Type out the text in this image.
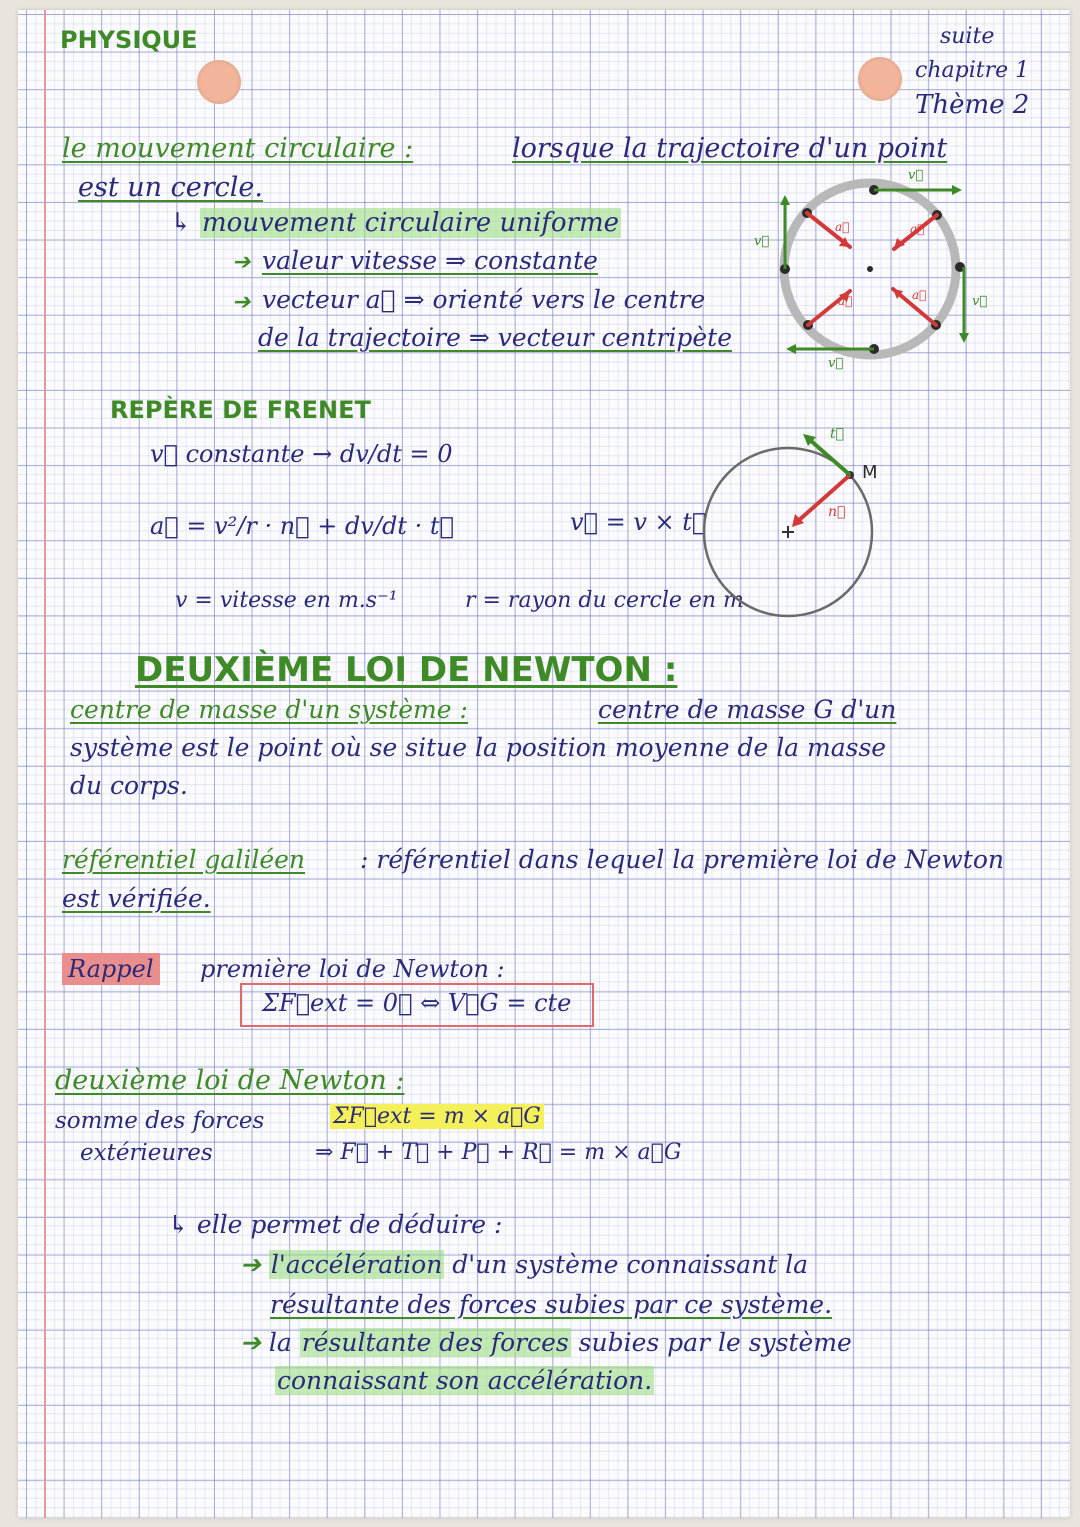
PHYSIQUE	suite
chapitre 1
Thème 2
le mouvement circulaire :	lorsque la trajectoire d'un point
est un cercle.
↳ mouvement circulaire uniforme
➔ valeur vitesse ⇒ constante
➔ vecteur a⃗ ⇒ orienté vers le centre
de la trajectoire ⇒ vecteur centripète
v⃗
v⃗
v⃗
v⃗
a⃗	a⃗
a⃗
a⃗
REPÈRE DE FRENET
v⃗ constante → dv/dt = 0
a⃗ = v²/r · n⃗ + dv/dt · t⃗	v⃗ = v × t⃗
v = vitesse en m.s⁻¹	r = rayon du cercle en m
M
n⃗
t⃗
DEUXIÈME LOI DE NEWTON :
centre de masse d'un système :	centre de masse G d'un
système est le point où se situe la position moyenne de la masse
du corps.
référentiel galiléen : référentiel dans lequel la première loi de Newton
est vérifiée.
Rappel première loi de Newton :
ΣF⃗ext = 0⃗ ⇔ V⃗G = cte
deuxième loi de Newton :
somme des forces
extérieures
ΣF⃗ext = m × a⃗G
⇒ F⃗ + T⃗ + P⃗ + R⃗ = m × a⃗G
↳ elle permet de déduire :
➔ l'accélération d'un système connaissant la
résultante des forces subies par ce système.
➔ la résultante des forces subies par le système
connaissant son accélération.
